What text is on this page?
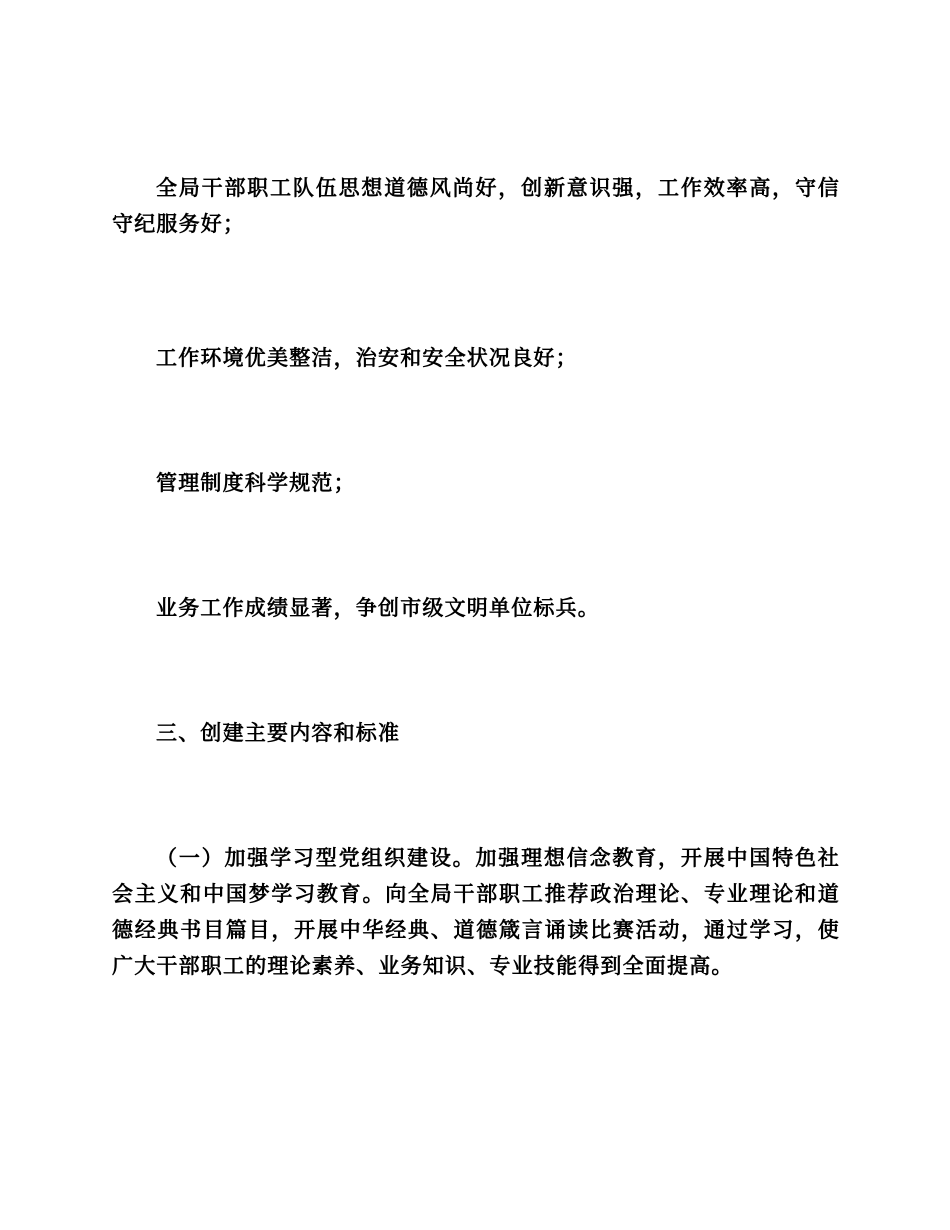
全局干部职工队伍思想道德风尚好，创新意识强，工作效率高，守信守纪服务好；

工作环境优美整洁，治安和安全状况良好；

管理制度科学规范；

业务工作成绩显著，争创市级文明单位标兵。

三、创建主要内容和标准

（一）加强学习型党组织建设。加强理想信念教育，开展中国特色社会主义和中国梦学习教育。向全局干部职工推荐政治理论、专业理论和道德经典书目篇目，开展中华经典、道德箴言诵读比赛活动，通过学习，使广大干部职工的理论素养、业务知识、专业技能得到全面提高。
